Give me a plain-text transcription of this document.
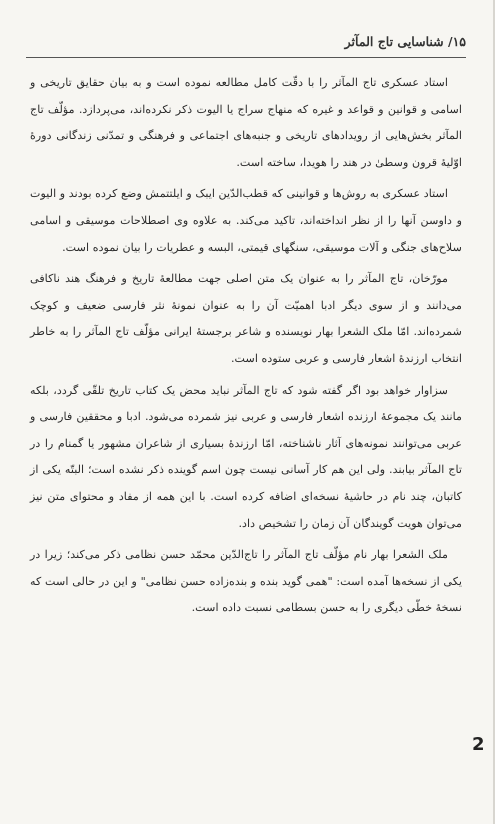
۱۵/ شناسایی تاج المآثر

استاد عسکری تاج المآثر را با دقّت کامل مطالعه نموده است و به بیان حقایق تاریخی و اسامی و قوانین و قواعد و غیره که منهاج سراج یا الیوت ذکر نکرده‌اند، می‌پردازد. مؤلّف تاج المآثر بخش‌هایی از رویدادهای تاریخی و جنبه‌های اجتماعی و فرهنگی و تمدّنی زندگانی دورهٔ اوّلیهٔ قرون وسطیٰ در هند را هویدا، ساخته است.

استاد عسکری به روش‌ها و قوانینی که قطب‌الدّین ایبک و ایلتتمش وضع کرده بودند و الیوت و داوسن آنها را از نظر انداخته‌اند، تاکید می‌کند. به علاوه وی اصطلاحات موسیقی و اسامی سلاح‌های جنگی و آلات موسیقی، سنگهای قیمتی، البسه و عطریات را بیان نموده است.

مورّخان، تاج المآثر را به عنوان یک متن اصلی جهت مطالعهٔ تاریخ و فرهنگ هند ناکافی می‌دانند و از سوی دیگر ادبا اهمیّت آن را به عنوان نمونهٔ نثر فارسی ضعیف و کوچک شمرده‌اند. امّا ملک الشعرا بهار نویسنده و شاعر برجستهٔ ایرانی مؤلّف تاج المآثر را به خاطر انتخاب ارزندهٔ اشعار فارسی و عربی ستوده است.

سزاوار خواهد بود اگر گفته شود که تاج المآثر نباید محض یک کتاب تاریخ تلقّی گردد، بلکه مانند یک مجموعهٔ ارزنده اشعار فارسی و عربی نیز شمرده می‌شود. ادبا و محققین فارسی و عربی می‌توانند نمونه‌های آثار ناشناخته، امّا ارزندهٔ بسیاری از شاعران مشهور یا گمنام را در تاج المآثر بیابند. ولی این هم کار آسانی نیست چون اسم گوینده ذکر نشده است؛ البتّه یکی از کاتبان، چند نام در حاشیهٔ نسخه‌ای اضافه کرده است. با این همه از مفاد و محتوای متن نیز می‌توان هویت گویندگان آن زمان را تشخیص داد.

ملک الشعرا بهار نام مؤلّف تاج المآثر را تاج‌الدّین محمّد حسن نظامی ذکر می‌کند؛ زیرا در یکی از نسخه‌ها آمده است: "همی گوید بنده و بنده‌زاده حسن نظامی" و این در حالی است که نسخهٔ خطّی دیگری را به حسن بسطامی نسبت داده است.

2
